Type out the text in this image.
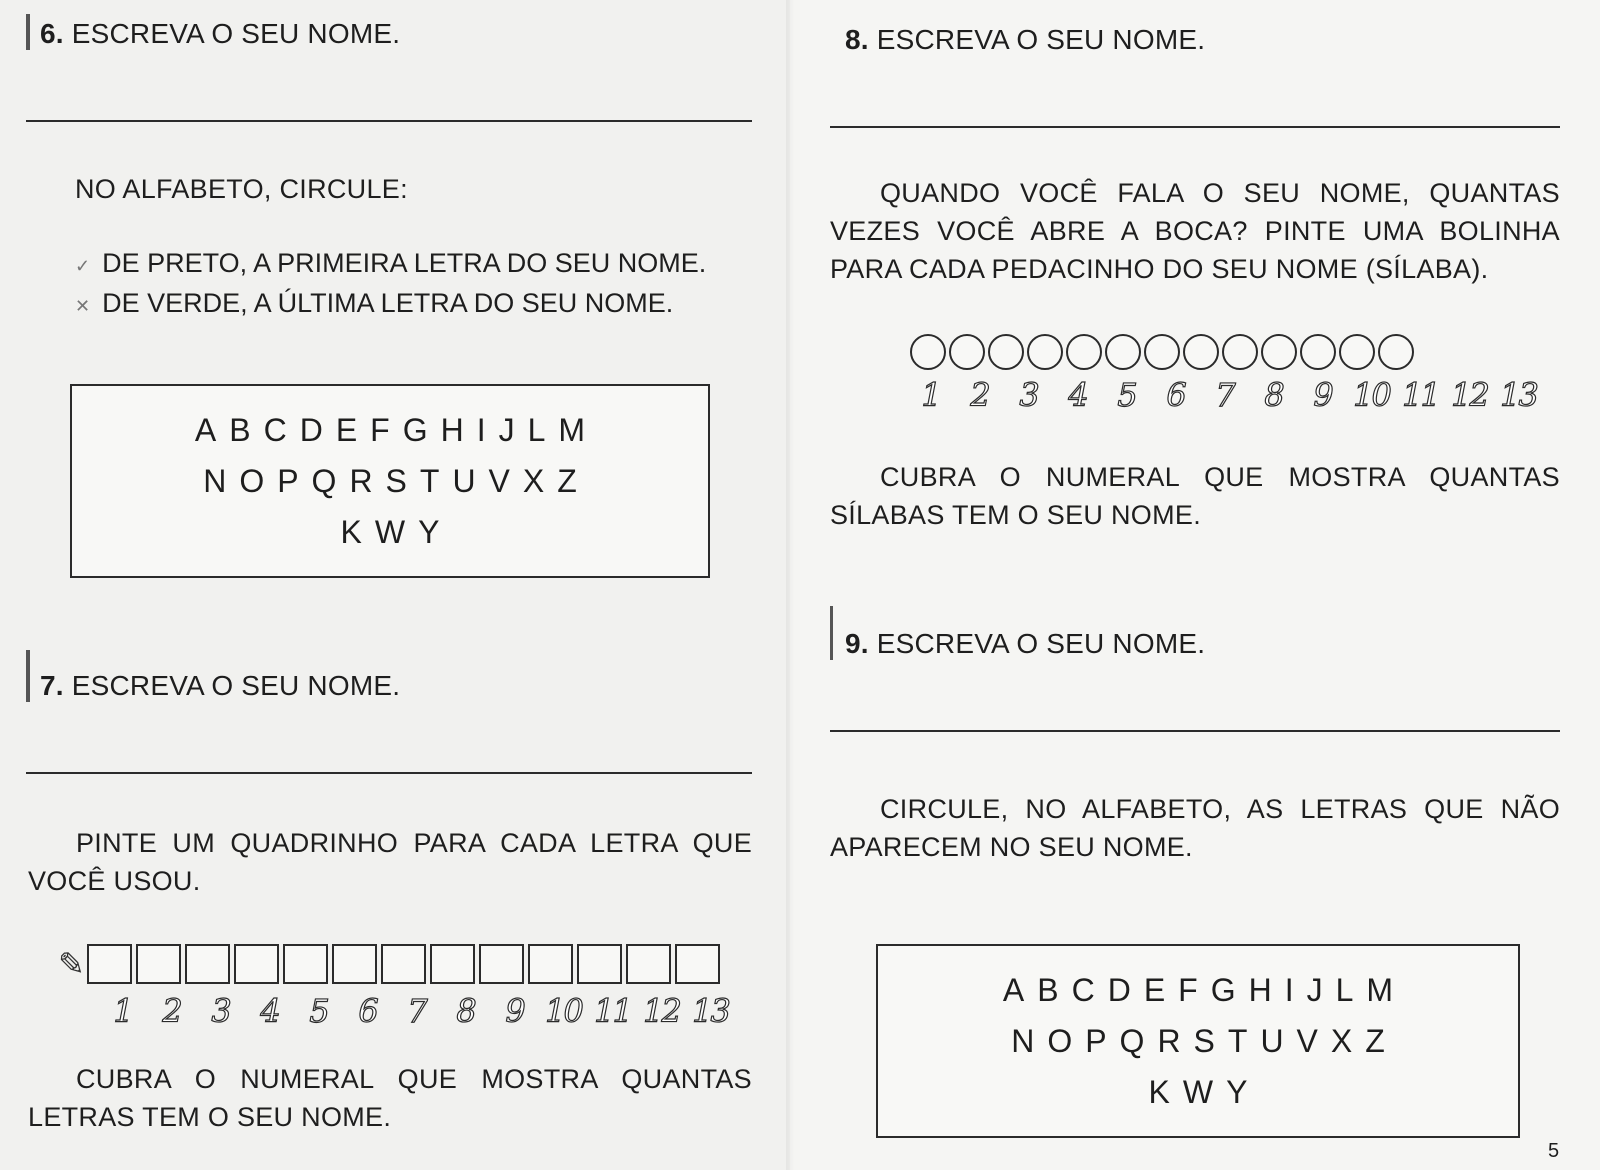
6. ESCREVA O SEU NOME.
NO ALFABETO, CIRCULE:
✓ DE PRETO, A PRIMEIRA LETRA DO SEU NOME.
✕ DE VERDE, A ÚLTIMA LETRA DO SEU NOME.
ABCDEFGHIJLM
NOPQRSTUVXZ
KWY
7. ESCREVA O SEU NOME.
PINTE UM QUADRINHO PARA CADA LETRA QUE VOCÊ USOU.
✎
1 2 3 4 5 6 7 8 9 10 11 12 13
CUBRA O NUMERAL QUE MOSTRA QUANTAS LETRAS TEM O SEU NOME.
8. ESCREVA O SEU NOME.
QUANDO VOCÊ FALA O SEU NOME, QUANTAS VEZES VOCÊ ABRE A BOCA? PINTE UMA BOLINHA PARA CADA PEDACINHO DO SEU NOME (SÍLABA).
1 2 3 4 5 6 7 8 9 10 11 12 13
CUBRA O NUMERAL QUE MOSTRA QUANTAS SÍLABAS TEM O SEU NOME.
9. ESCREVA O SEU NOME.
CIRCULE, NO ALFABETO, AS LETRAS QUE NÃO APARECEM NO SEU NOME.
ABCDEFGHIJLM
NOPQRSTUVXZ
KWY
5
